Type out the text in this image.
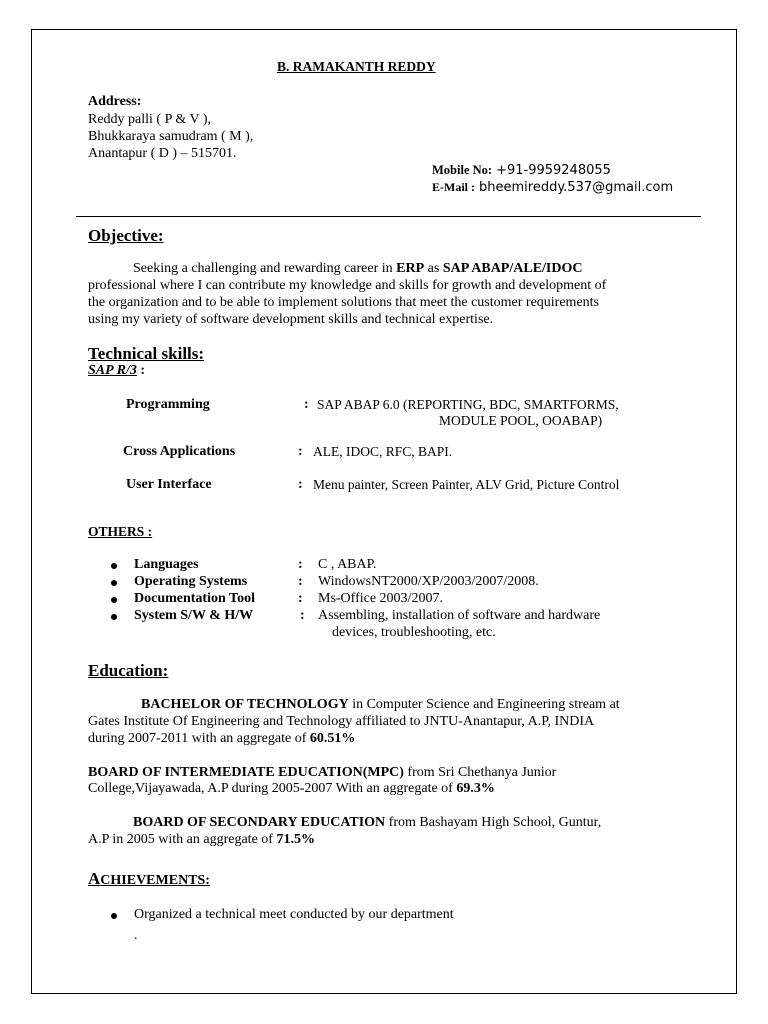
B. RAMAKANTH REDDY
Address:
Reddy palli ( P & V ),
Bhukkaraya samudram ( M ),
Anantapur ( D ) – 515701.
Mobile No: +91-9959248055
E-Mail : bheemireddy.537@gmail.com
Objective:
Seeking a challenging and rewarding career in ERP as SAP ABAP/ALE/IDOC
professional where I can contribute my knowledge and skills for growth and development of
the organization and to be able to implement solutions that meet the customer requirements
using my variety of software development skills and technical expertise.
Technical skills:
SAP R/3 :
Programming	: SAP ABAP 6.0 (REPORTING, BDC, SMARTFORMS,
MODULE POOL, OOABAP)
Cross Applications	: ALE, IDOC, RFC, BAPI.
User Interface	: Menu painter, Screen Painter, ALV Grid, Picture Control
OTHERS :
Languages	: C , ABAP.
Operating Systems	: WindowsNT2000/XP/2003/2007/2008.
Documentation Tool	: Ms-Office 2003/2007.
System S/W & H/W	: Assembling, installation of software and hardware
devices, troubleshooting, etc.
Education:
BACHELOR OF TECHNOLOGY in Computer Science and Engineering stream at
Gates Institute Of Engineering and Technology affiliated to JNTU-Anantapur, A.P, INDIA
during 2007-2011 with an aggregate of 60.51%
BOARD OF INTERMEDIATE EDUCATION(MPC) from Sri Chethanya Junior
College,Vijayawada, A.P during 2005-2007 With an aggregate of 69.3%
BOARD OF SECONDARY EDUCATION from Bashayam High School, Guntur,
A.P in 2005 with an aggregate of 71.5%
ACHIEVEMENTS:
Organized a technical meet conducted by our department
.
